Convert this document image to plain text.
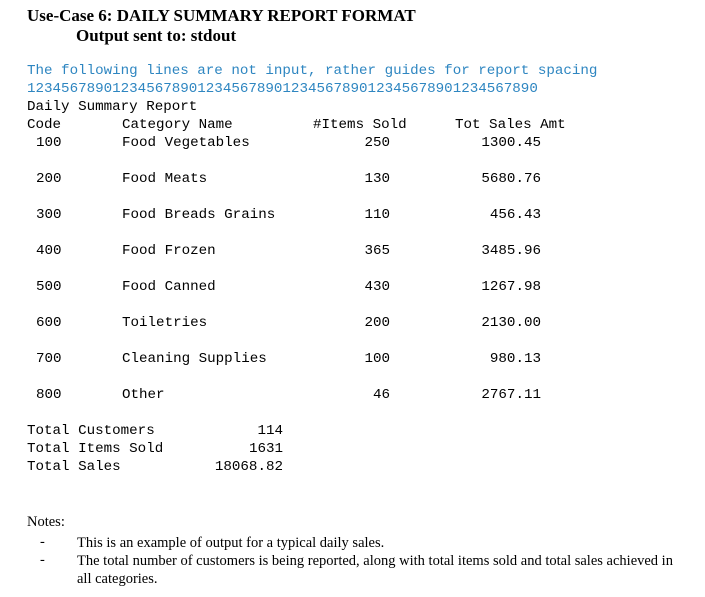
Use-Case 6: DAILY SUMMARY REPORT FORMAT
Output sent to: stdout
The following lines are not input, rather guides for report spacing
123456789012345678901234567890123456789012345678901234567890
Daily Summary Report
Code	Category Name	#Items Sold	Tot Sales Amt
100	Food Vegetables	250	1300.45
200	Food Meats	130	5680.76
300	Food Breads Grains	110	456.43
400	Food Frozen	365	3485.96
500	Food Canned	430	1267.98
600	Toiletries	200	2130.00
700	Cleaning Supplies	100	980.13
800	Other	46	2767.11
Total Customers	114
Total Items Sold	1631
Total Sales	18068.82
Notes:
- This is an example of output for a typical daily sales.
- The total number of customers is being reported, along with total items sold and total sales achieved in all categories.
